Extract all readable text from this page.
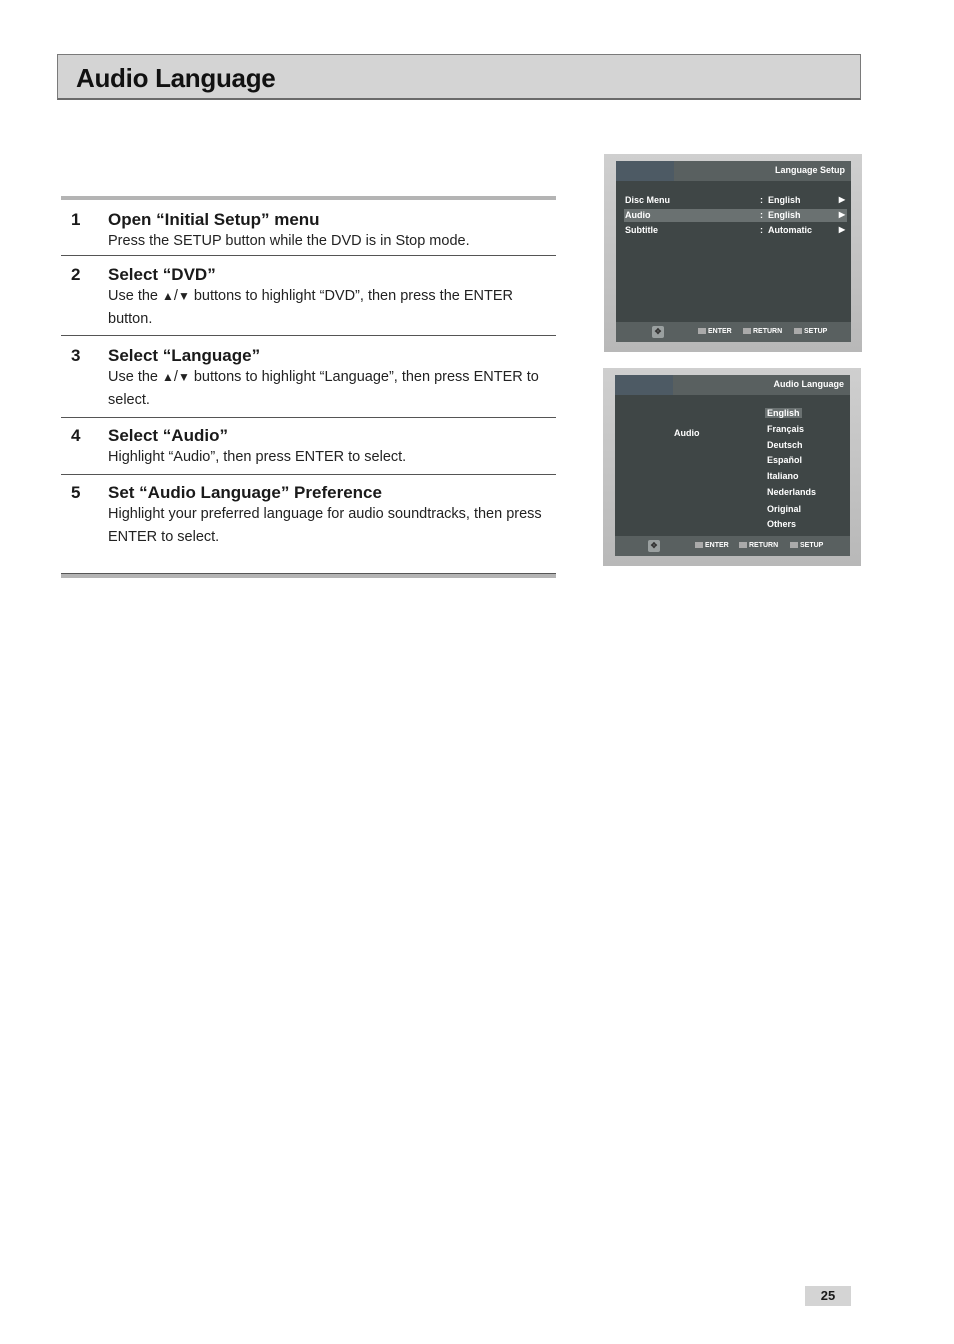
Audio Language
1 Open “Initial Setup” menu
Press the SETUP button while the DVD is in Stop mode.
2 Select “DVD”
Use the ▲/▼ buttons to highlight “DVD”, then press the ENTER button.
3 Select “Language”
Use the ▲/▼ buttons to highlight “Language”, then press ENTER to select.
4 Select “Audio”
Highlight “Audio”, then press ENTER to select.
5 Set “Audio Language” Preference
Highlight your preferred language for audio soundtracks, then press ENTER to select.
Language Setup
Disc Menu	: English	▶
Audio	: English	▶
Subtitle	: Automatic	▶
✥	ENTER	RETURN	SETUP
Audio Language
Audio
English
Français
Deutsch
Español
Italiano
Nederlands
Original
Others
✥	ENTER	RETURN	SETUP
25
